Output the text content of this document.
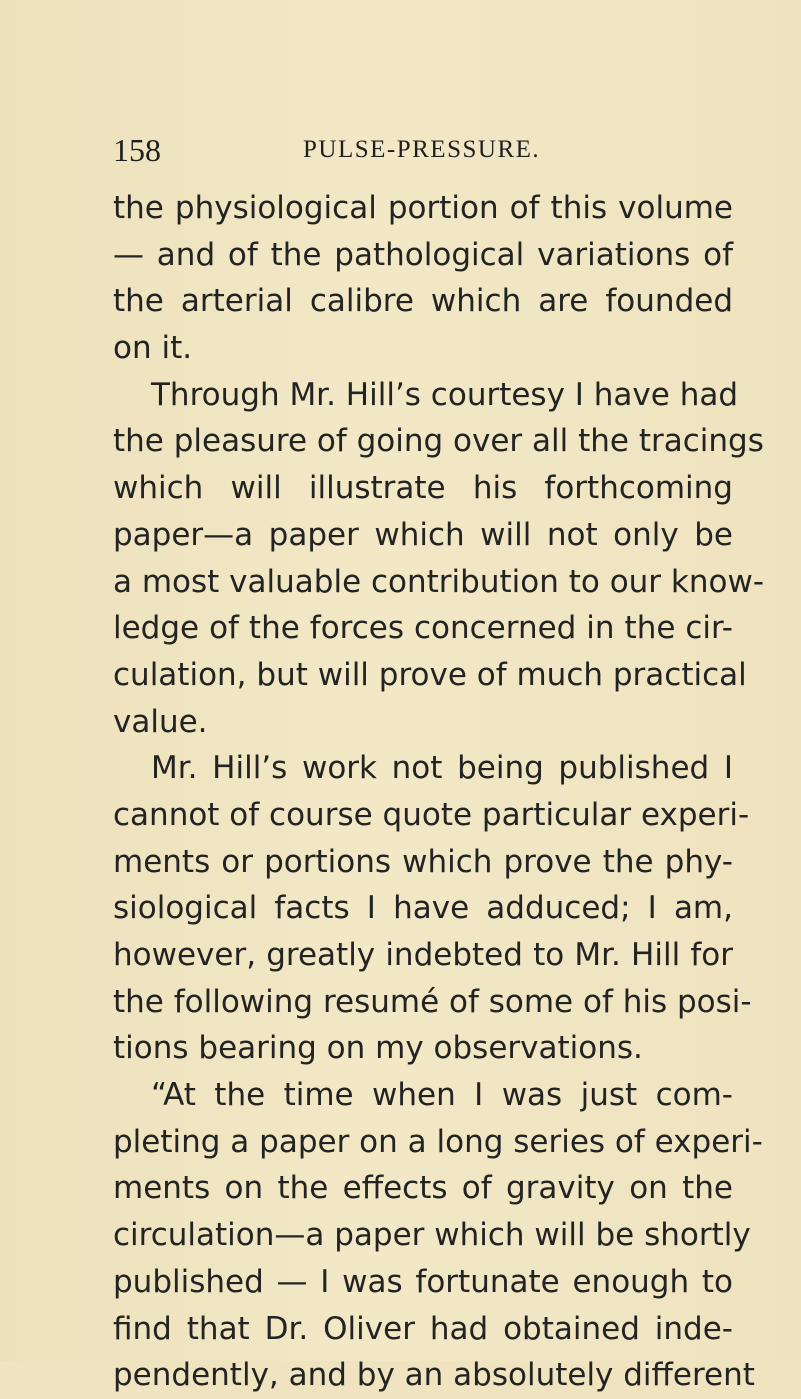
158	PULSE-PRESSURE.
the physiological portion of this volume
— and of the pathological variations of
the arterial calibre which are founded
on it.
Through Mr. Hill’s courtesy I have had
the pleasure of going over all the tracings
which will illustrate his forthcoming
paper—a paper which will not only be
a most valuable contribution to our know-
ledge of the forces concerned in the cir-
culation, but will prove of much practical
value.
Mr. Hill’s work not being published I
cannot of course quote particular experi-
ments or portions which prove the phy-
siological facts I have adduced; I am,
however, greatly indebted to Mr. Hill for
the following resumé of some of his posi-
tions bearing on my observations.
“At the time when I was just com-
pleting a paper on a long series of experi-
ments on the effects of gravity on the
circulation—a paper which will be shortly
published — I was fortunate enough to
find that Dr. Oliver had obtained inde-
pendently, and by an absolutely different
